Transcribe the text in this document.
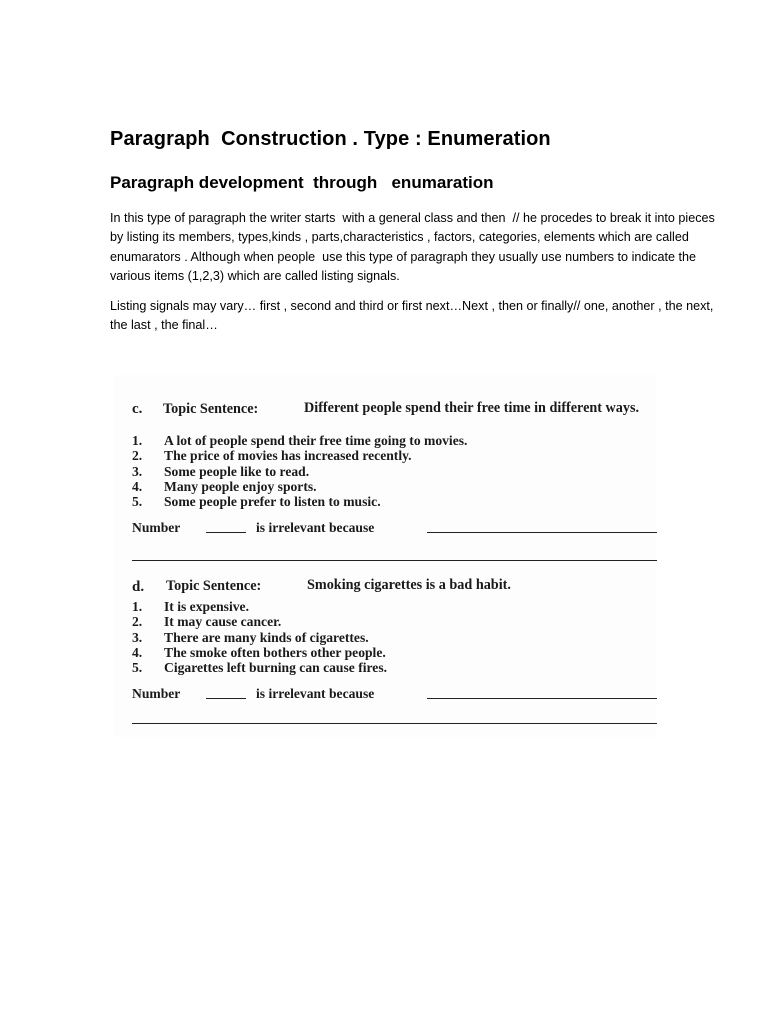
Paragraph  Construction . Type : Enumeration
Paragraph development  through   enumaration

In this type of paragraph the writer starts  with a general class and then  // he procedes to break it into pieces by listing its members, types,kinds , parts,characteristics , factors, categories, elements which are called enumarators . Although when people  use this type of paragraph they usually use numbers to indicate the various items (1,2,3) which are called listing signals.

Listing signals may vary… first , second and third or first next…Next , then or finally// one, another , the next, the last , the final…

c. Topic Sentence:	Different people spend their free time in different ways.
1. A lot of people spend their free time going to movies.
2. The price of movies has increased recently.
3. Some people like to read.
4. Many people enjoy sports.
5. Some people prefer to listen to music.
Number	is irrelevant because
d. Topic Sentence:	Smoking cigarettes is a bad habit.
1. It is expensive.
2. It may cause cancer.
3. There are many kinds of cigarettes.
4. The smoke often bothers other people.
5. Cigarettes left burning can cause fires.
Number	is irrelevant because
